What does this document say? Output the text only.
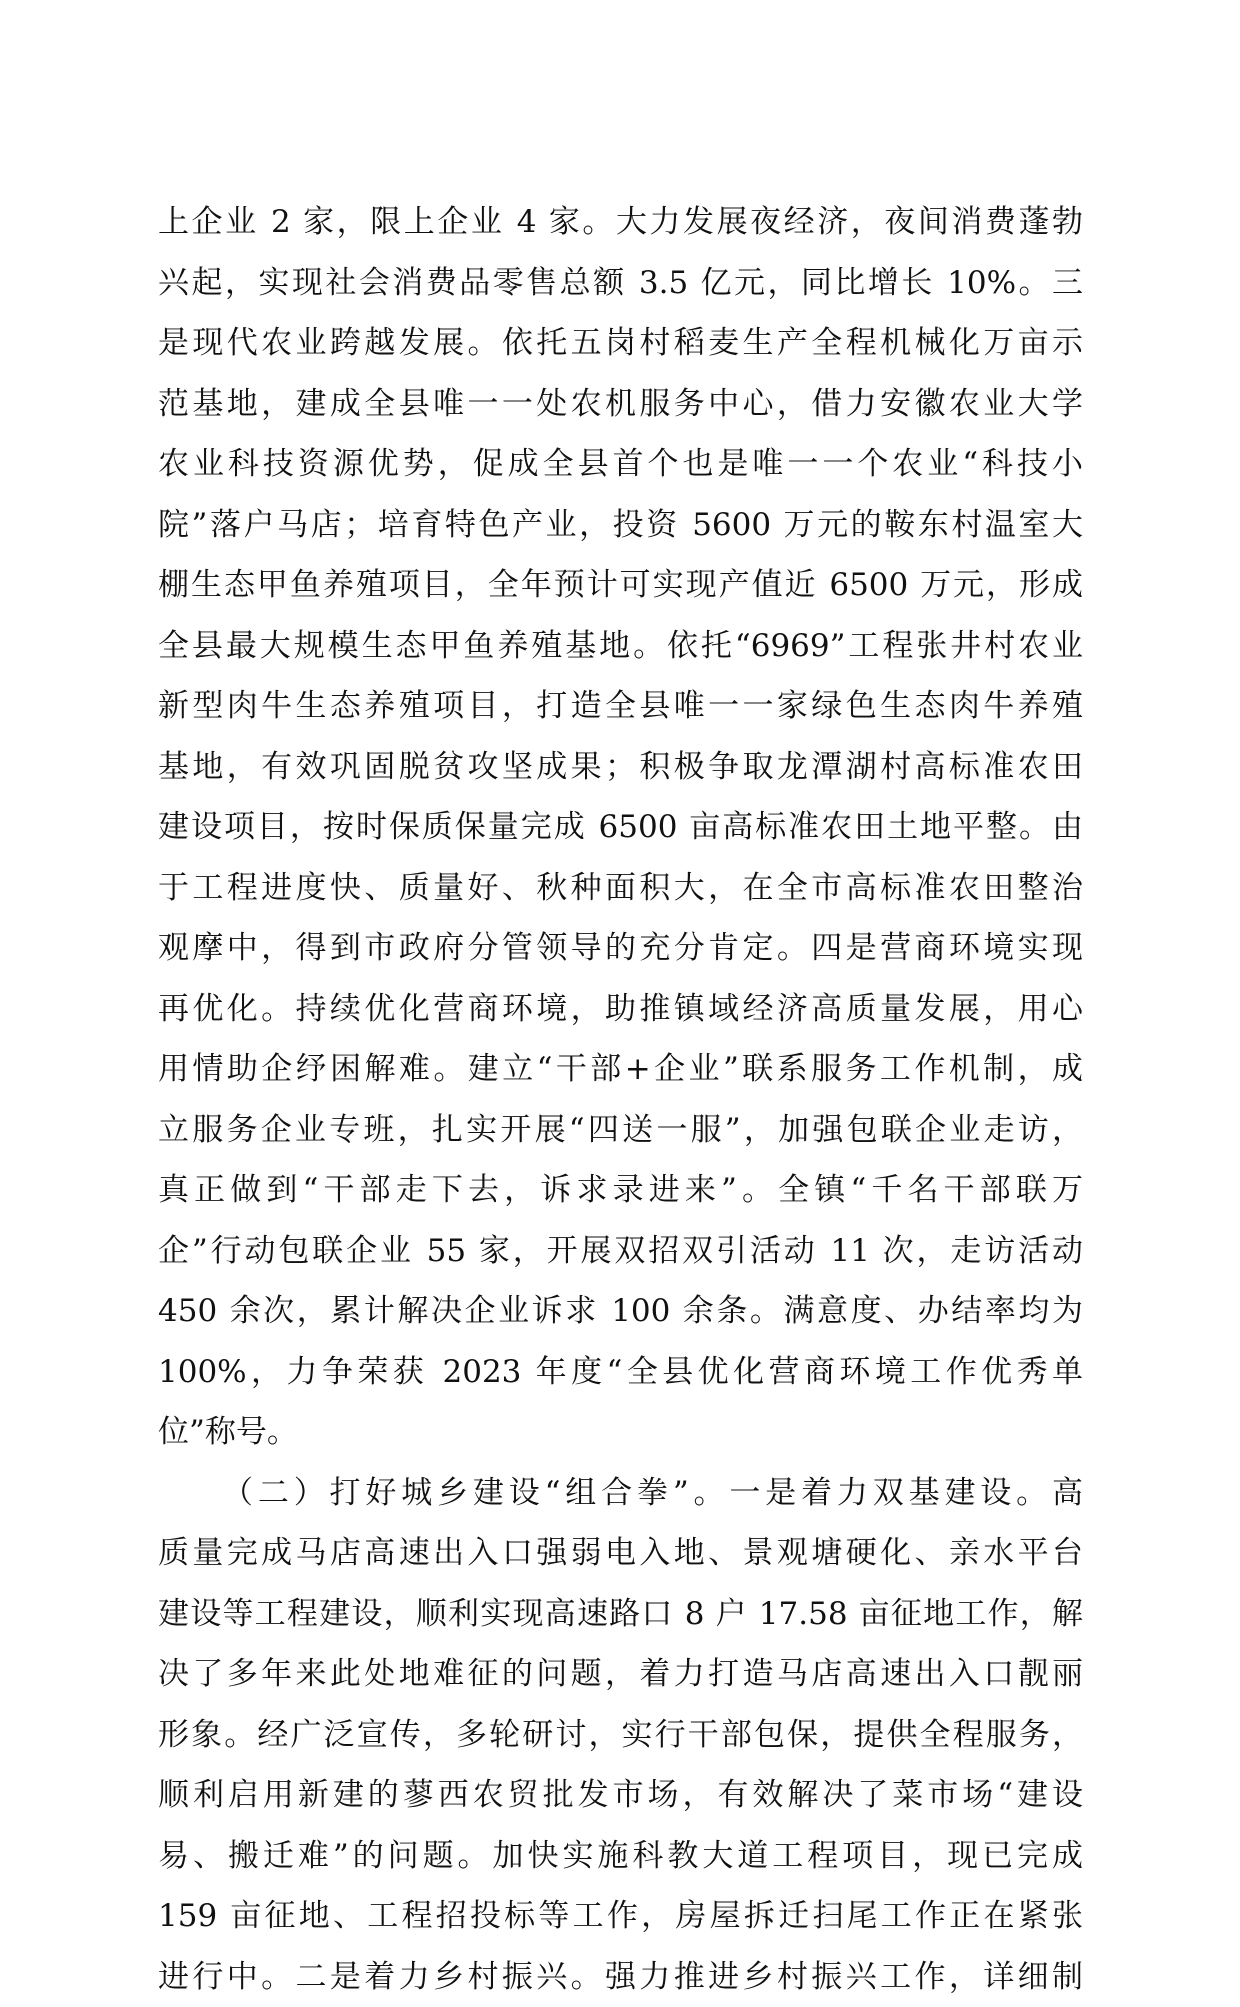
上企业 2 家，限上企业 4 家。大力发展夜经济，夜间消费蓬勃
兴起，实现社会消费品零售总额 3.5 亿元，同比增长 10%。三
是现代农业跨越发展。依托五岗村稻麦生产全程机械化万亩示
范基地，建成全县唯一一处农机服务中心，借力安徽农业大学
农业科技资源优势，促成全县首个也是唯一一个农业“科技小
院”落户马店；培育特色产业，投资 5600 万元的鞍东村温室大
棚生态甲鱼养殖项目，全年预计可实现产值近 6500 万元，形成
全县最大规模生态甲鱼养殖基地。依托“6969”工程张井村农业
新型肉牛生态养殖项目，打造全县唯一一家绿色生态肉牛养殖
基地，有效巩固脱贫攻坚成果；积极争取龙潭湖村高标准农田
建设项目，按时保质保量完成 6500 亩高标准农田土地平整。由
于工程进度快、质量好、秋种面积大，在全市高标准农田整治
观摩中，得到市政府分管领导的充分肯定。四是营商环境实现
再优化。持续优化营商环境，助推镇域经济高质量发展，用心
用情助企纾困解难。建立“干部+企业”联系服务工作机制，成
立服务企业专班，扎实开展“四送一服”，加强包联企业走访，
真正做到“干部走下去，诉求录进来”。全镇“千名干部联万
企”行动包联企业 55 家，开展双招双引活动 11 次，走访活动
450 余次，累计解决企业诉求 100 余条。满意度、办结率均为
100%，力争荣获 2023 年度“全县优化营商环境工作优秀单
位”称号。
（二）打好城乡建设“组合拳”。一是着力双基建设。高
质量完成马店高速出入口强弱电入地、景观塘硬化、亲水平台
建设等工程建设，顺利实现高速路口 8 户 17.58 亩征地工作，解
决了多年来此处地难征的问题，着力打造马店高速出入口靓丽
形象。经广泛宣传，多轮研讨，实行干部包保，提供全程服务，
顺利启用新建的蓼西农贸批发市场，有效解决了菜市场“建设
易、搬迁难”的问题。加快实施科教大道工程项目，现已完成
159 亩征地、工程招投标等工作，房屋拆迁扫尾工作正在紧张
进行中。二是着力乡村振兴。强力推进乡村振兴工作，详细制
